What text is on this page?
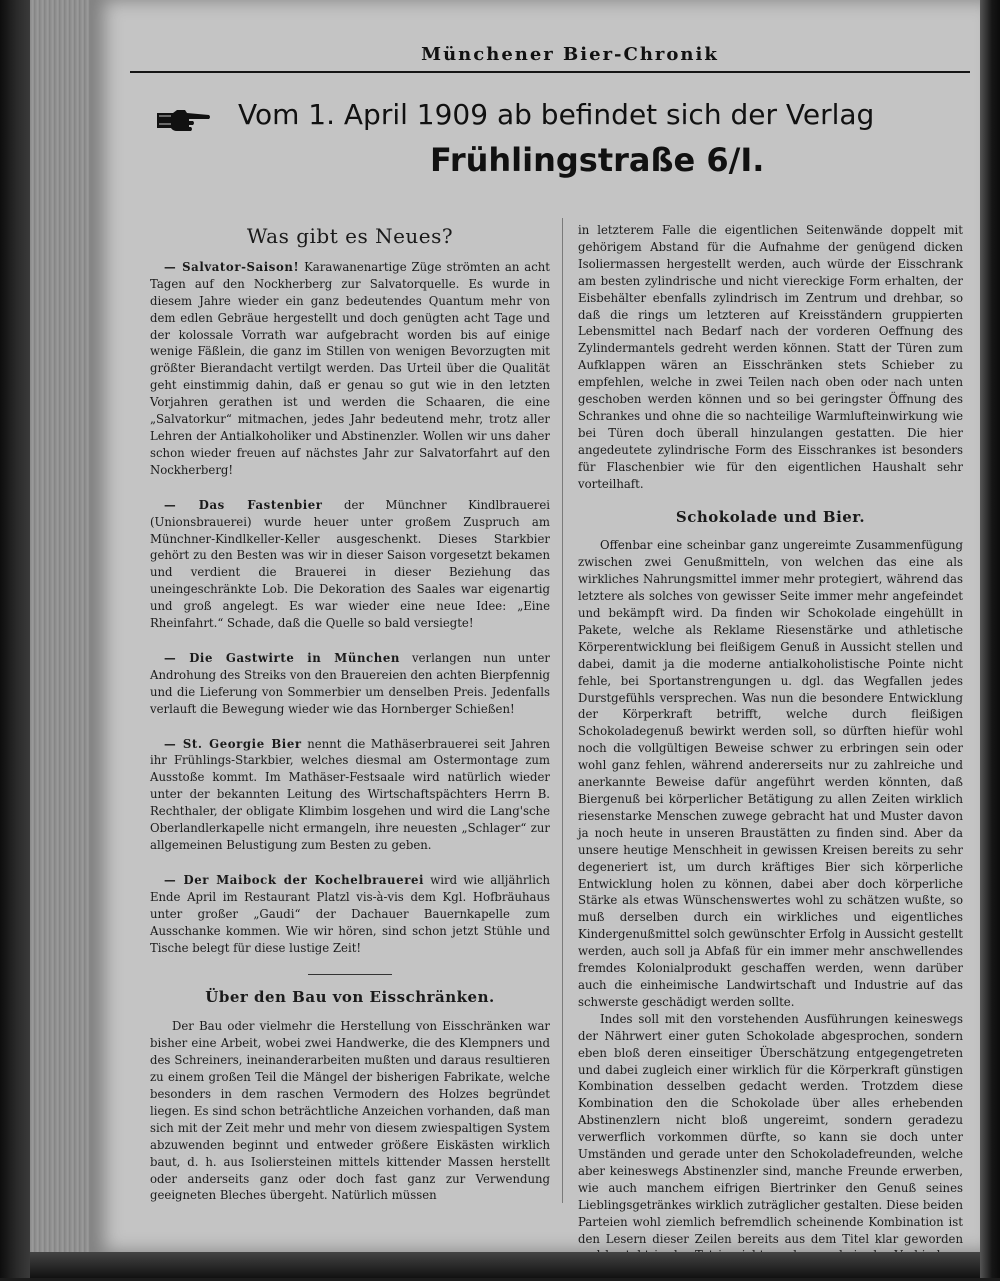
Münchener Bier-Chronik
Vom 1. April 1909 ab befindet sich der Verlag
Frühlingstraße 6/I.
Was gibt es Neues?

— Salvator-Saison! Karawanenartige Züge strömten an acht Tagen auf den Nockherberg zur Salvatorquelle. Es wurde in diesem Jahre wieder ein ganz bedeutendes Quantum mehr von dem edlen Gebräue hergestellt und doch genügten acht Tage und der kolossale Vorrath war aufgebracht worden bis auf einige wenige Fäßlein, die ganz im Stillen von wenigen Bevorzugten mit größter Bierandacht vertilgt werden. Das Urteil über die Qualität geht einstimmig dahin, daß er genau so gut wie in den letzten Vorjahren gerathen ist und werden die Schaaren, die eine „Salvatorkur“ mitmachen, jedes Jahr bedeutend mehr, trotz aller Lehren der Antialkoholiker und Abstinenzler. Wollen wir uns daher schon wieder freuen auf nächstes Jahr zur Salvatorfahrt auf den Nockherberg!

— Das Fastenbier der Münchner Kindlbrauerei (Unionsbrauerei) wurde heuer unter großem Zuspruch am Münchner-Kindlkeller-Keller ausgeschenkt. Dieses Starkbier gehört zu den Besten was wir in dieser Saison vorgesetzt bekamen und verdient die Brauerei in dieser Beziehung das uneingeschränkte Lob. Die Dekoration des Saales war eigenartig und groß angelegt. Es war wieder eine neue Idee: „Eine Rheinfahrt.“ Schade, daß die Quelle so bald versiegte!

— Die Gastwirte in München verlangen nun unter Androhung des Streiks von den Brauereien den achten Bierpfennig und die Lieferung von Sommerbier um denselben Preis. Jedenfalls verlauft die Bewegung wieder wie das Hornberger Schießen!

— St. Georgie Bier nennt die Mathäserbrauerei seit Jahren ihr Frühlings-Starkbier, welches diesmal am Ostermontage zum Ausstoße kommt. Im Mathäser-Festsaale wird natürlich wieder unter der bekannten Leitung des Wirtschaftspächters Herrn B. Rechthaler, der obligate Klimbim losgehen und wird die Lang'sche Oberlandlerkapelle nicht ermangeln, ihre neuesten „Schlager“ zur allgemeinen Belustigung zum Besten zu geben.

— Der Maibock der Kochelbrauerei wird wie alljährlich Ende April im Restaurant Platzl vis-à-vis dem Kgl. Hofbräuhaus unter großer „Gaudi“ der Dachauer Bauernkapelle zum Ausschanke kommen. Wie wir hören, sind schon jetzt Stühle und Tische belegt für diese lustige Zeit!

Über den Bau von Eisschränken.

Der Bau oder vielmehr die Herstellung von Eisschränken war bisher eine Arbeit, wobei zwei Handwerke, die des Klempners und des Schreiners, ineinanderarbeiten mußten und daraus resultieren zu einem großen Teil die Mängel der bisherigen Fabrikate, welche besonders in dem raschen Vermodern des Holzes begründet liegen. Es sind schon beträchtliche Anzeichen vorhanden, daß man sich mit der Zeit mehr und mehr von diesem zwiespaltigen System abzuwenden beginnt und entweder größere Eiskästen wirklich baut, d. h. aus Isoliersteinen mittels kittender Massen herstellt oder anderseits ganz oder doch fast ganz zur Verwendung geeigneten Bleches übergeht. Natürlich müssen

in letzterem Falle die eigentlichen Seitenwände doppelt mit gehörigem Abstand für die Aufnahme der genügend dicken Isoliermassen hergestellt werden, auch würde der Eisschrank am besten zylindrische und nicht viereckige Form erhalten, der Eisbehälter ebenfalls zylindrisch im Zentrum und drehbar, so daß die rings um letzteren auf Kreisständern gruppierten Lebensmittel nach Bedarf nach der vorderen Oeffnung des Zylindermantels gedreht werden können. Statt der Türen zum Aufklappen wären an Eisschränken stets Schieber zu empfehlen, welche in zwei Teilen nach oben oder nach unten geschoben werden können und so bei geringster Öffnung des Schrankes und ohne die so nachteilige Warmlufteinwirkung wie bei Türen doch überall hinzulangen gestatten. Die hier angedeutete zylindrische Form des Eisschrankes ist besonders für Flaschenbier wie für den eigentlichen Haushalt sehr vorteilhaft.

Schokolade und Bier.

Offenbar eine scheinbar ganz ungereimte Zusammenfügung zwischen zwei Genußmitteln, von welchen das eine als wirkliches Nahrungsmittel immer mehr protegiert, während das letztere als solches von gewisser Seite immer mehr angefeindet und bekämpft wird. Da finden wir Schokolade eingehüllt in Pakete, welche als Reklame Riesenstärke und athletische Körperentwicklung bei fleißigem Genuß in Aussicht stellen und dabei, damit ja die moderne antialkoholistische Pointe nicht fehle, bei Sportanstrengungen u. dgl. das Wegfallen jedes Durstgefühls versprechen. Was nun die besondere Entwicklung der Körperkraft betrifft, welche durch fleißigen Schokoladegenuß bewirkt werden soll, so dürften hiefür wohl noch die vollgültigen Beweise schwer zu erbringen sein oder wohl ganz fehlen, während andererseits nur zu zahlreiche und anerkannte Beweise dafür angeführt werden könnten, daß Biergenuß bei körperlicher Betätigung zu allen Zeiten wirklich riesenstarke Menschen zuwege gebracht hat und Muster davon ja noch heute in unseren Braustätten zu finden sind. Aber da unsere heutige Menschheit in gewissen Kreisen bereits zu sehr degeneriert ist, um durch kräftiges Bier sich körperliche Entwicklung holen zu können, dabei aber doch körperliche Stärke als etwas Wünschenswertes wohl zu schätzen wußte, so muß derselben durch ein wirkliches und eigentliches Kindergenußmittel solch gewünschter Erfolg in Aussicht gestellt werden, auch soll ja Abfaß für ein immer mehr anschwellendes fremdes Kolonialprodukt geschaffen werden, wenn darüber auch die einheimische Landwirtschaft und Industrie auf das schwerste geschädigt werden sollte.

Indes soll mit den vorstehenden Ausführungen keineswegs der Nährwert einer guten Schokolade abgesprochen, sondern eben bloß deren einseitiger Überschätzung entgegengetreten und dabei zugleich einer wirklich für die Körperkraft günstigen Kombination desselben gedacht werden. Trotzdem diese Kombination den die Schokolade über alles erhebenden Abstinenzlern nicht bloß ungereimt, sondern geradezu verwerflich vorkommen dürfte, so kann sie doch unter Umständen und gerade unter den Schokoladefreunden, welche aber keineswegs Abstinenzler sind, manche Freunde erwerben, wie auch manchem eifrigen Biertrinker den Genuß seines Lieblingsgetränkes wirklich zuträglicher gestalten. Diese beiden Parteien wohl ziemlich befremdlich scheinende Kombination ist den Lesern dieser Zeilen bereits aus dem Titel klar geworden
